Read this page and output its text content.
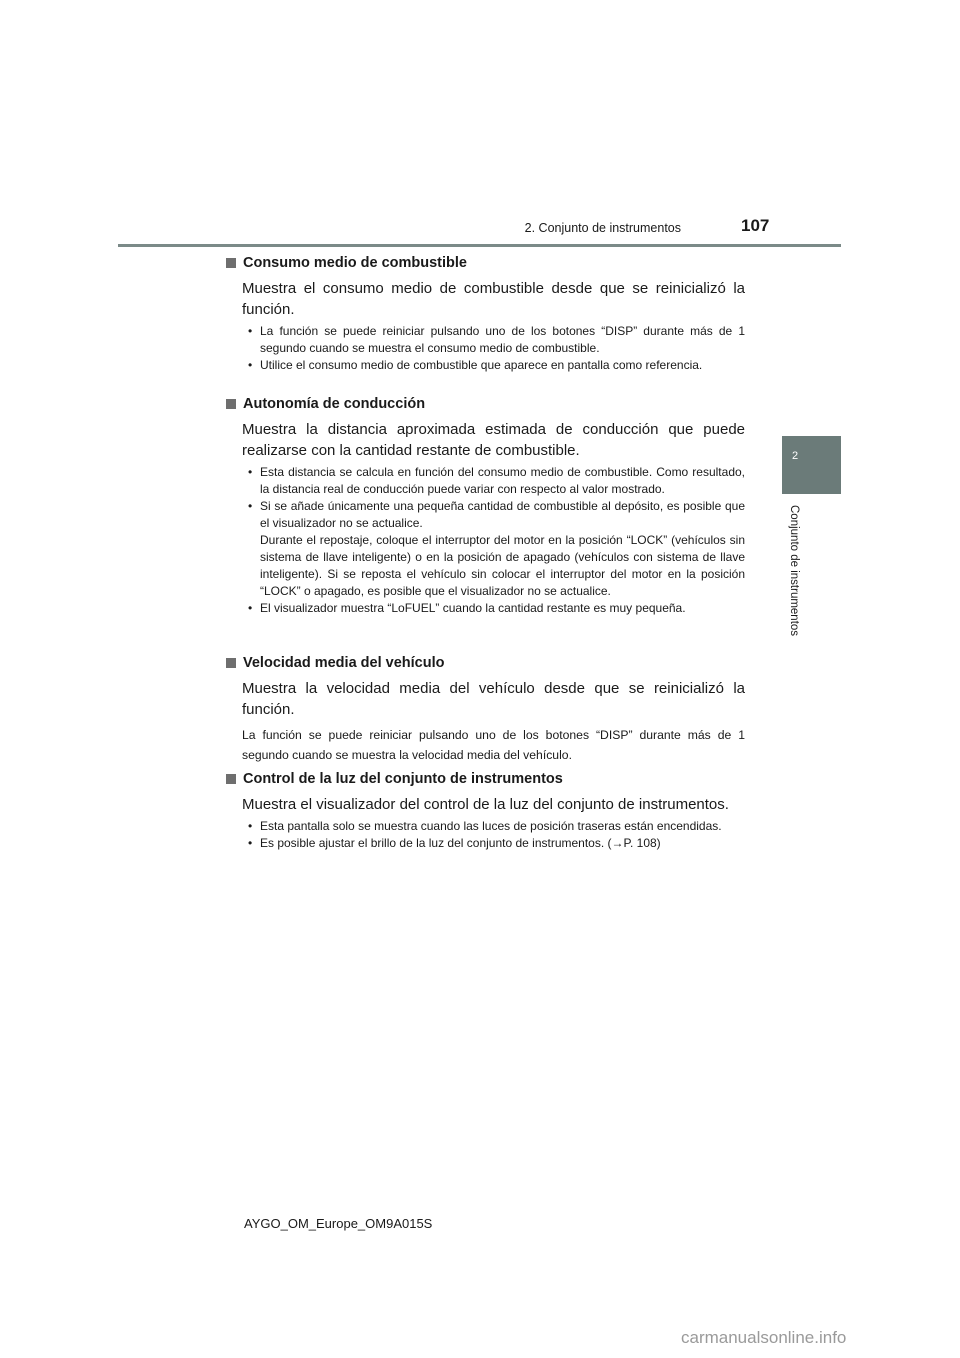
2. Conjunto de instrumentos	107
2
Conjunto de instrumentos
Consumo medio de combustible
Muestra el consumo medio de combustible desde que se reinicializó la función.
• La función se puede reiniciar pulsando uno de los botones “DISP” durante más de 1 segundo cuando se muestra el consumo medio de combustible.
• Utilice el consumo medio de combustible que aparece en pantalla como referencia.
Autonomía de conducción
Muestra la distancia aproximada estimada de conducción que puede realizarse con la cantidad restante de combustible.
• Esta distancia se calcula en función del consumo medio de combustible. Como resultado, la distancia real de conducción puede variar con respecto al valor mostrado.
• Si se añade únicamente una pequeña cantidad de combustible al depósito, es posible que el visualizador no se actualice.
Durante el repostaje, coloque el interruptor del motor en la posición “LOCK” (vehículos sin sistema de llave inteligente) o en la posición de apagado (vehículos con sistema de llave inteligente). Si se reposta el vehículo sin colocar el interruptor del motor en la posición “LOCK” o apagado, es posible que el visualizador no se actualice.
• El visualizador muestra “LoFUEL” cuando la cantidad restante es muy pequeña.
Velocidad media del vehículo
Muestra la velocidad media del vehículo desde que se reinicializó la función.
La función se puede reiniciar pulsando uno de los botones “DISP” durante más de 1 segundo cuando se muestra la velocidad media del vehículo.
Control de la luz del conjunto de instrumentos
Muestra el visualizador del control de la luz del conjunto de instrumentos.
• Esta pantalla solo se muestra cuando las luces de posición traseras están encendidas.
• Es posible ajustar el brillo de la luz del conjunto de instrumentos. (→P. 108)
AYGO_OM_Europe_OM9A015S
carmanualsonline.info
